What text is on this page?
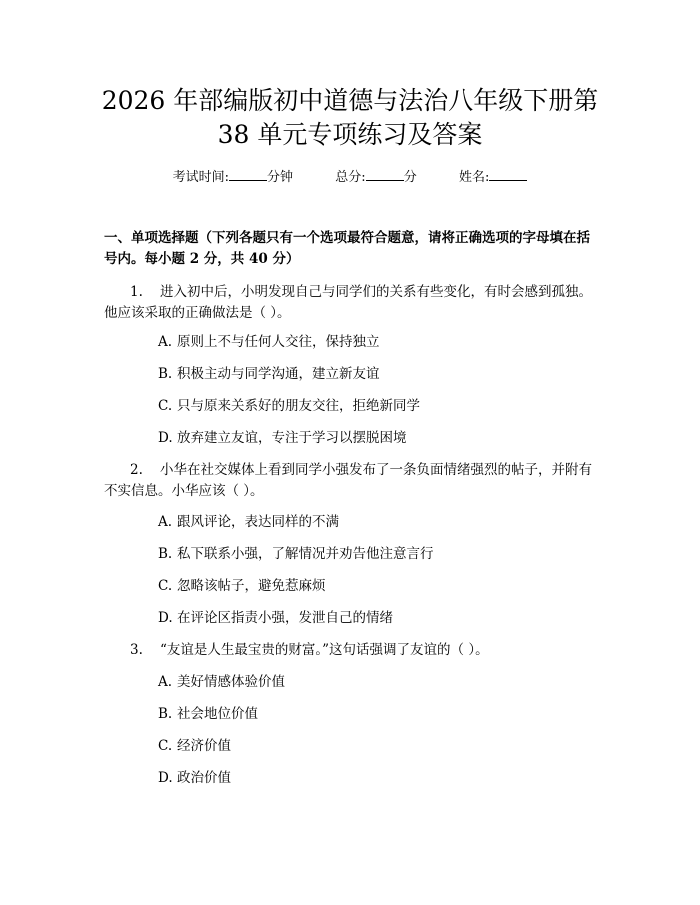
2026 年部编版初中道德与法治八年级下册第
38 单元专项练习及答案
考试时间:	分钟	总分:	分	姓名:
一、单项选择题（下列各题只有一个选项最符合题意，请将正确选项的字母填在括号内。每小题 2 分，共 40 分）
1. 进入初中后，小明发现自己与同学们的关系有些变化，有时会感到孤独。他应该采取的正确做法是（ ）。
A. 原则上不与任何人交往，保持独立
B. 积极主动与同学沟通，建立新友谊
C. 只与原来关系好的朋友交往，拒绝新同学
D. 放弃建立友谊，专注于学习以摆脱困境
2. 小华在社交媒体上看到同学小强发布了一条负面情绪强烈的帖子，并附有不实信息。小华应该（ ）。
A. 跟风评论，表达同样的不满
B. 私下联系小强，了解情况并劝告他注意言行
C. 忽略该帖子，避免惹麻烦
D. 在评论区指责小强，发泄自己的情绪
3. “友谊是人生最宝贵的财富。”这句话强调了友谊的（ ）。
A. 美好情感体验价值
B. 社会地位价值
C. 经济价值
D. 政治价值
